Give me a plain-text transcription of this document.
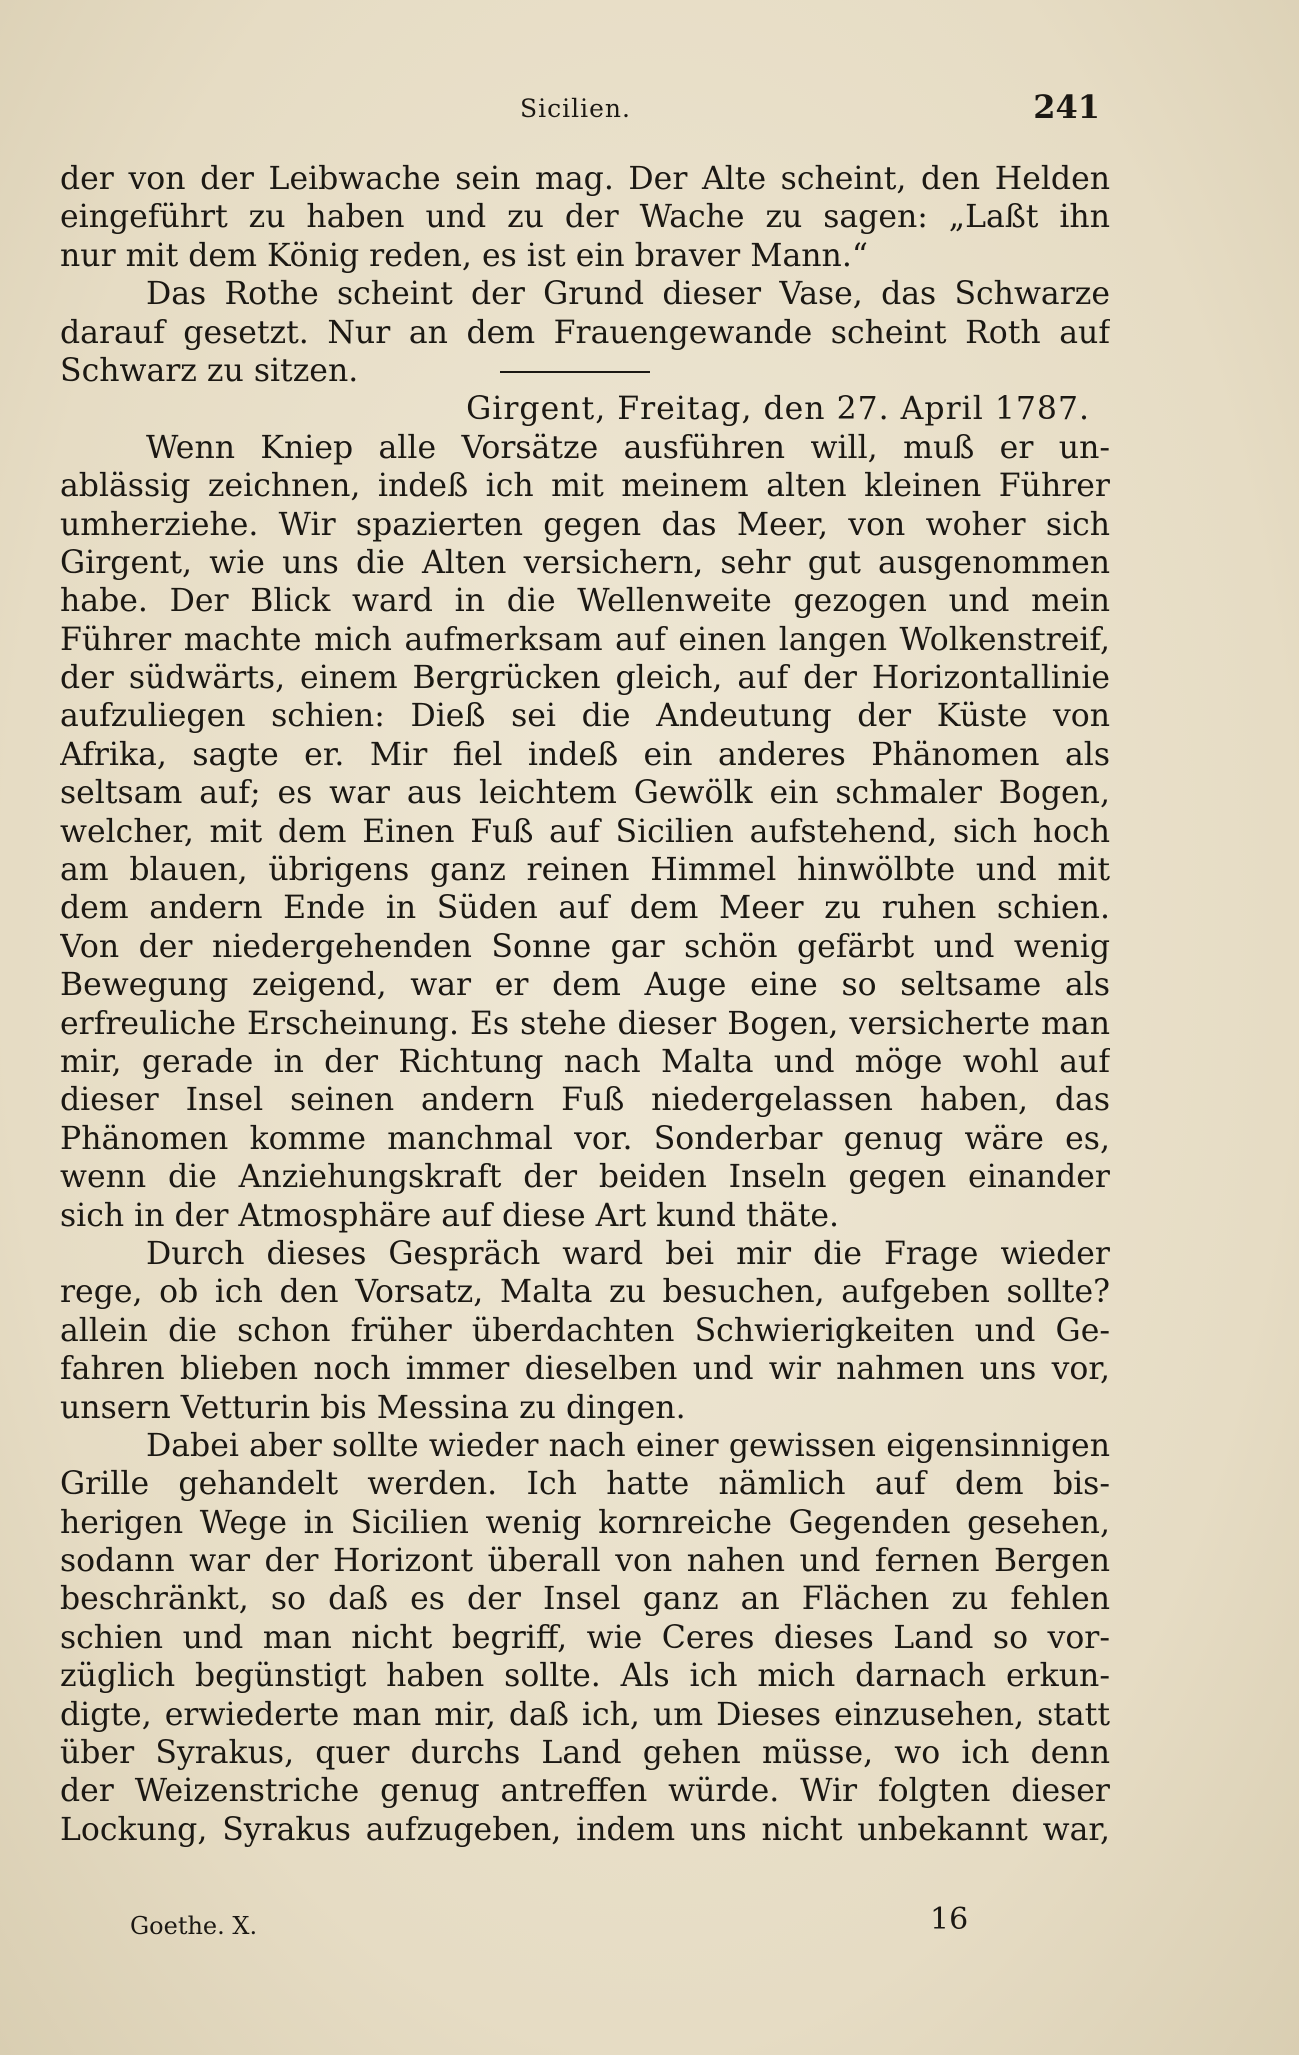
Sicilien.	241
der von der Leibwache sein mag. Der Alte scheint, den Helden
eingeführt zu haben und zu der Wache zu sagen: „Laßt ihn
nur mit dem König reden, es ist ein braver Mann.“
Das Rothe scheint der Grund dieser Vase, das Schwarze
darauf gesetzt. Nur an dem Frauengewande scheint Roth auf
Schwarz zu sitzen.
Girgent, Freitag, den 27. April 1787.
Wenn Kniep alle Vorsätze ausführen will, muß er un-
ablässig zeichnen, indeß ich mit meinem alten kleinen Führer
umherziehe. Wir spazierten gegen das Meer, von woher sich
Girgent, wie uns die Alten versichern, sehr gut ausgenommen
habe. Der Blick ward in die Wellenweite gezogen und mein
Führer machte mich aufmerksam auf einen langen Wolkenstreif,
der südwärts, einem Bergrücken gleich, auf der Horizontallinie
aufzuliegen schien: Dieß sei die Andeutung der Küste von
Afrika, sagte er. Mir fiel indeß ein anderes Phänomen als
seltsam auf; es war aus leichtem Gewölk ein schmaler Bogen,
welcher, mit dem Einen Fuß auf Sicilien aufstehend, sich hoch
am blauen, übrigens ganz reinen Himmel hinwölbte und mit
dem andern Ende in Süden auf dem Meer zu ruhen schien.
Von der niedergehenden Sonne gar schön gefärbt und wenig
Bewegung zeigend, war er dem Auge eine so seltsame als
erfreuliche Erscheinung. Es stehe dieser Bogen, versicherte man
mir, gerade in der Richtung nach Malta und möge wohl auf
dieser Insel seinen andern Fuß niedergelassen haben, das
Phänomen komme manchmal vor. Sonderbar genug wäre es,
wenn die Anziehungskraft der beiden Inseln gegen einander
sich in der Atmosphäre auf diese Art kund thäte.
Durch dieses Gespräch ward bei mir die Frage wieder
rege, ob ich den Vorsatz, Malta zu besuchen, aufgeben sollte?
allein die schon früher überdachten Schwierigkeiten und Ge-
fahren blieben noch immer dieselben und wir nahmen uns vor,
unsern Vetturin bis Messina zu dingen.
Dabei aber sollte wieder nach einer gewissen eigensinnigen
Grille gehandelt werden. Ich hatte nämlich auf dem bis-
herigen Wege in Sicilien wenig kornreiche Gegenden gesehen,
sodann war der Horizont überall von nahen und fernen Bergen
beschränkt, so daß es der Insel ganz an Flächen zu fehlen
schien und man nicht begriff, wie Ceres dieses Land so vor-
züglich begünstigt haben sollte. Als ich mich darnach erkun-
digte, erwiederte man mir, daß ich, um Dieses einzusehen, statt
über Syrakus, quer durchs Land gehen müsse, wo ich denn
der Weizenstriche genug antreffen würde. Wir folgten dieser
Lockung, Syrakus aufzugeben, indem uns nicht unbekannt war,
Goethe. X.	16
